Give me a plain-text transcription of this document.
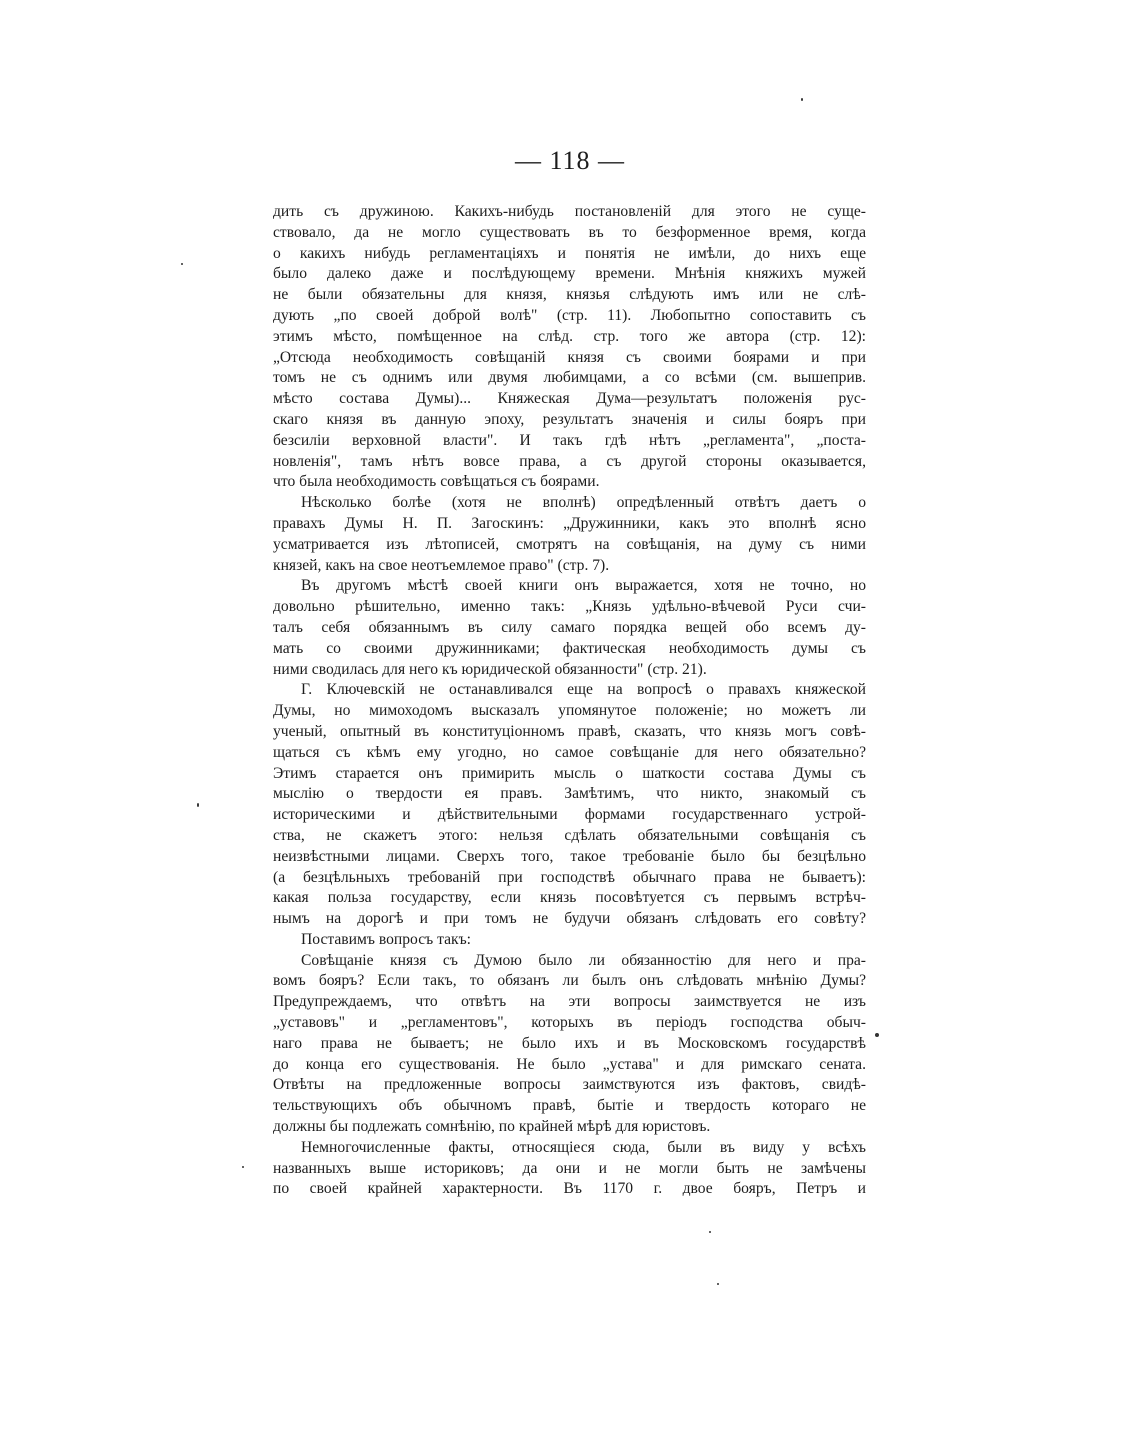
— 118 —
дить съ дружиною. Какихъ-нибудь постановленій для этого не суще-
ствовало, да не могло существовать въ то безформенное время, когда
о какихъ нибудь регламентаціяхъ и понятія не имѣли, до нихъ еще
было далеко даже и послѣдующему времени. Мнѣнія княжихъ мужей
не были обязательны для князя, князья слѣдують имъ или не слѣ-
дують „по своей доброй волѣ" (стр. 11). Любопытно сопоставить съ
этимъ мѣсто, помѣщенное на слѣд. стр. того же автора (стр. 12):
„Отсюда необходимость совѣщаній князя съ своими боярами и при
томъ не съ однимъ или двумя любимцами, а со всѣми (см. вышеприв.
мѣсто состава Думы)... Княжеская Дума—результатъ положенія рус-
скаго князя въ данную эпоху, результатъ значенія и силы бояръ при
безсиліи верховной власти". И такъ гдѣ нѣтъ „регламента", „поста-
новленія", тамъ нѣтъ вовсе права, а съ другой стороны оказывается,
что была необходимость совѣщаться съ боярами.
Нѣсколько болѣе (хотя не вполнѣ) опредѣленный отвѣтъ даетъ о
правахъ Думы Н. П. Загоскинъ: „Дружинники, какъ это вполнѣ ясно
усматривается изъ лѣтописей, смотрятъ на совѣщанія, на думу съ ними
князей, какъ на свое неотъемлемое право" (стр. 7).
Въ другомъ мѣстѣ своей книги онъ выражается, хотя не точно, но
довольно рѣшительно, именно такъ: „Князь удѣльно-вѣчевой Руси счи-
талъ себя обязаннымъ въ силу самаго порядка вещей обо всемъ ду-
мать со своими дружинниками; фактическая необходимость думы съ
ними сводилась для него къ юридической обязанности" (стр. 21).
Г. Ключевскій не останавливался еще на вопросѣ о правахъ княжеской
Думы, но мимоходомъ высказалъ упомянутое положеніе; но можетъ ли
ученый, опытный въ конституціонномъ правѣ, сказать, что князь могъ совѣ-
щаться съ кѣмъ ему угодно, но самое совѣщаніе для него обязательно?
Этимъ старается онъ примирить мысль о шаткости состава Думы съ
мыслію о твердости ея правъ. Замѣтимъ, что никто, знакомый съ
историческими и дѣйствительными формами государственнаго устрой-
ства, не скажетъ этого: нельзя сдѣлать обязательными совѣщанія съ
неизвѣстными лицами. Сверхъ того, такое требованіе было бы безцѣльно
(а безцѣльныхъ требованій при господствѣ обычнаго права не бываетъ):
какая польза государству, если князь посовѣтуется съ первымъ встрѣч-
нымъ на дорогѣ и при томъ не будучи обязанъ слѣдовать его совѣту?
Поставимъ вопросъ такъ:
Совѣщаніе князя съ Думою было ли обязанностію для него и пра-
вомъ бояръ? Если такъ, то обязанъ ли былъ онъ слѣдовать мнѣнію Думы?
Предупреждаемъ, что отвѣтъ на эти вопросы заимствуется не изъ
„уставовъ" и „регламентовъ", которыхъ въ періодъ господства обыч-
наго права не бываетъ; не было ихъ и въ Московскомъ государствѣ
до конца его существованія. Не было „устава" и для римскаго сената.
Отвѣты на предложенные вопросы заимствуются изъ фактовъ, свидѣ-
тельствующихъ объ обычномъ правѣ, бытіе и твердость котораго не
должны бы подлежать сомнѣнію, по крайней мѣрѣ для юристовъ.
Немногочисленные факты, относящіеся сюда, были въ виду у всѣхъ
названныхъ выше историковъ; да они и не могли быть не замѣчены
по своей крайней характерности. Въ 1170 г. двое бояръ, Петръ и
